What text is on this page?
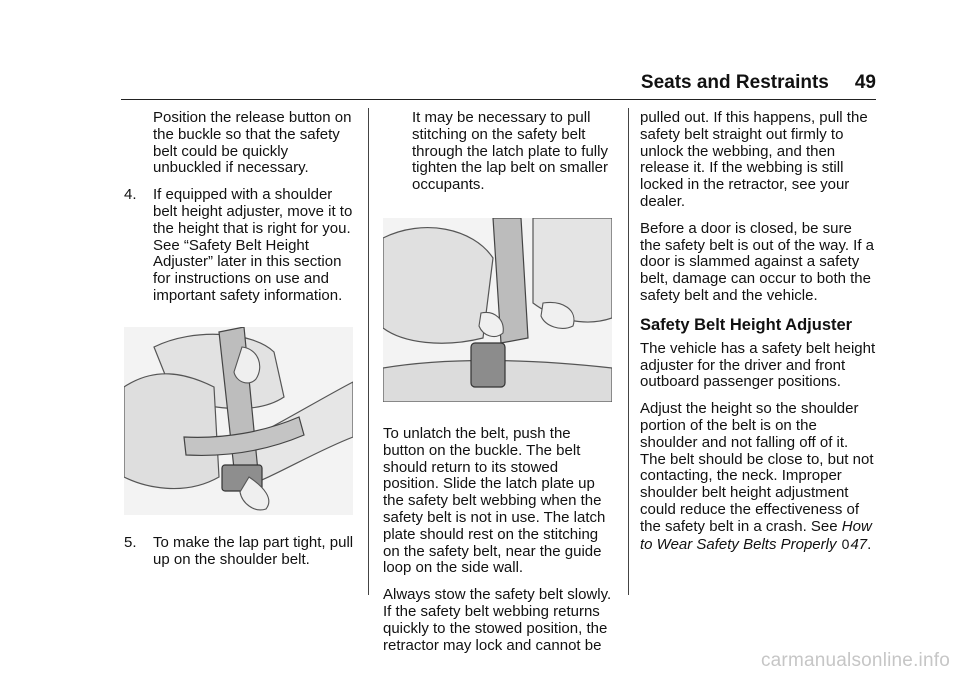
Seats and Restraints 49

Position the release button on the buckle so that the safety belt could be quickly unbuckled if necessary.

4.	If equipped with a shoulder belt height adjuster, move it to the height that is right for you. See “Safety Belt Height Adjuster” later in this section for instructions on use and important safety information.
5.	To make the lap part tight, pull up on the shoulder belt.

It may be necessary to pull stitching on the safety belt through the latch plate to fully tighten the lap belt on smaller occupants.

To unlatch the belt, push the button on the buckle. The belt should return to its stowed position. Slide the latch plate up the safety belt webbing when the safety belt is not in use. The latch plate should rest on the stitching on the safety belt, near the guide loop on the side wall.

Always stow the safety belt slowly. If the safety belt webbing returns quickly to the stowed position, the retractor may lock and cannot be

pulled out. If this happens, pull the safety belt straight out firmly to unlock the webbing, and then release it. If the webbing is still locked in the retractor, see your dealer.

Before a door is closed, be sure the safety belt is out of the way. If a door is slammed against a safety belt, damage can occur to both the safety belt and the vehicle.

Safety Belt Height Adjuster

The vehicle has a safety belt height adjuster for the driver and front outboard passenger positions.

Adjust the height so the shoulder portion of the belt is on the shoulder and not falling off of it. The belt should be close to, but not contacting, the neck. Improper shoulder belt height adjustment could reduce the effectiveness of the safety belt in a crash. See How to Wear Safety Belts Properly 047.

carmanualsonline.info
